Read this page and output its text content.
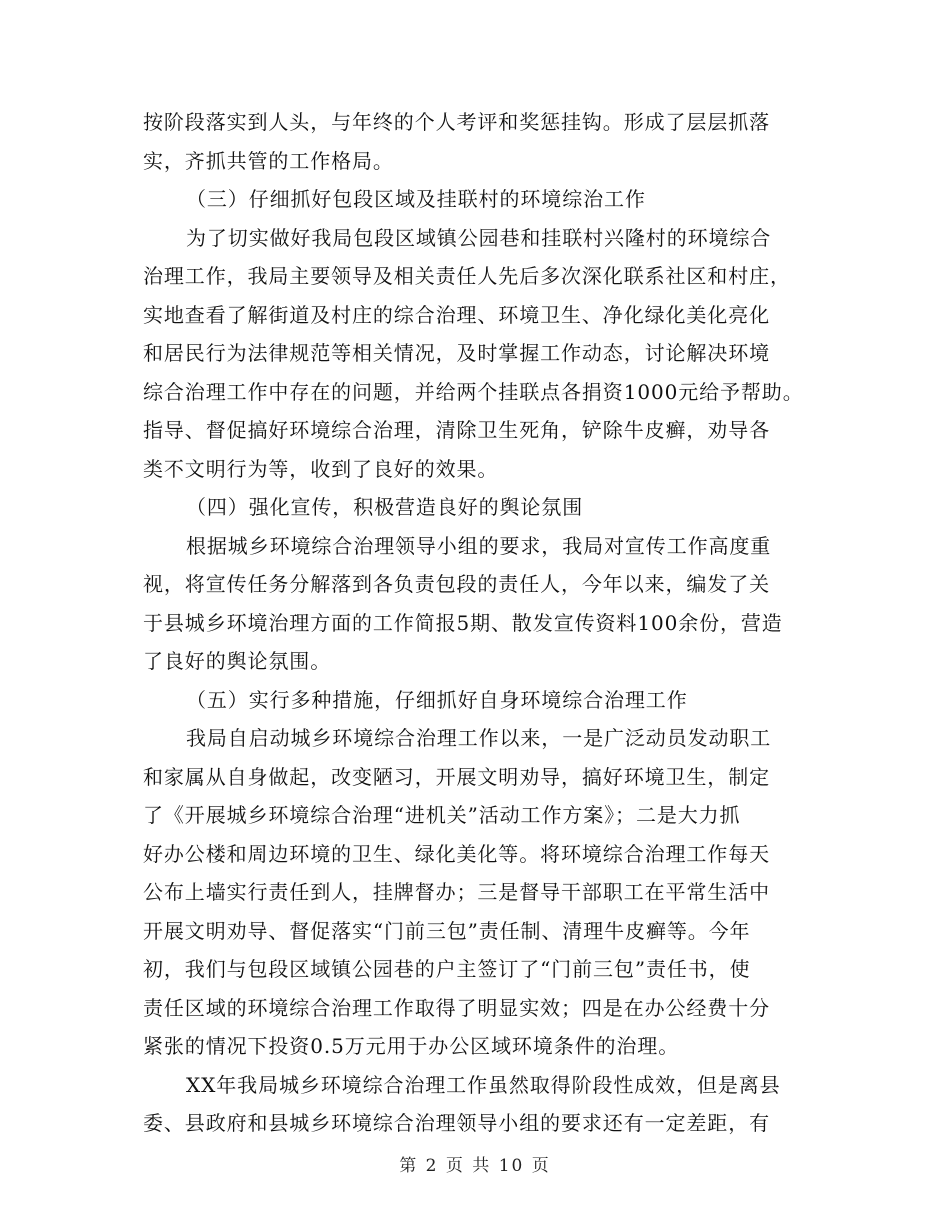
按阶段落实到人头，与年终的个人考评和奖惩挂钩。形成了层层抓落
实，齐抓共管的工作格局。
（三）仔细抓好包段区域及挂联村的环境综治工作
为了切实做好我局包段区域镇公园巷和挂联村兴隆村的环境综合
治理工作，我局主要领导及相关责任人先后多次深化联系社区和村庄，
实地查看了解街道及村庄的综合治理、环境卫生、净化绿化美化亮化
和居民行为法律规范等相关情况，及时掌握工作动态，讨论解决环境
综合治理工作中存在的问题，并给两个挂联点各捐资1000元给予帮助。
指导、督促搞好环境综合治理，清除卫生死角，铲除牛皮癣，劝导各
类不文明行为等，收到了良好的效果。
（四）强化宣传，积极营造良好的舆论氛围
根据城乡环境综合治理领导小组的要求，我局对宣传工作高度重
视，将宣传任务分解落到各负责包段的责任人，今年以来，编发了关
于县城乡环境治理方面的工作简报5期、散发宣传资料100余份，营造
了良好的舆论氛围。
（五）实行多种措施，仔细抓好自身环境综合治理工作
我局自启动城乡环境综合治理工作以来，一是广泛动员发动职工
和家属从自身做起，改变陋习，开展文明劝导，搞好环境卫生，制定
了《开展城乡环境综合治理“进机关”活动工作方案》；二是大力抓
好办公楼和周边环境的卫生、绿化美化等。将环境综合治理工作每天
公布上墙实行责任到人，挂牌督办；三是督导干部职工在平常生活中
开展文明劝导、督促落实“门前三包”责任制、清理牛皮癣等。今年
初，我们与包段区域镇公园巷的户主签订了“门前三包”责任书，使
责任区域的环境综合治理工作取得了明显实效；四是在办公经费十分
紧张的情况下投资0.5万元用于办公区域环境条件的治理。
XX年我局城乡环境综合治理工作虽然取得阶段性成效，但是离县
委、县政府和县城乡环境综合治理领导小组的要求还有一定差距，有
第 2 页 共 10 页
